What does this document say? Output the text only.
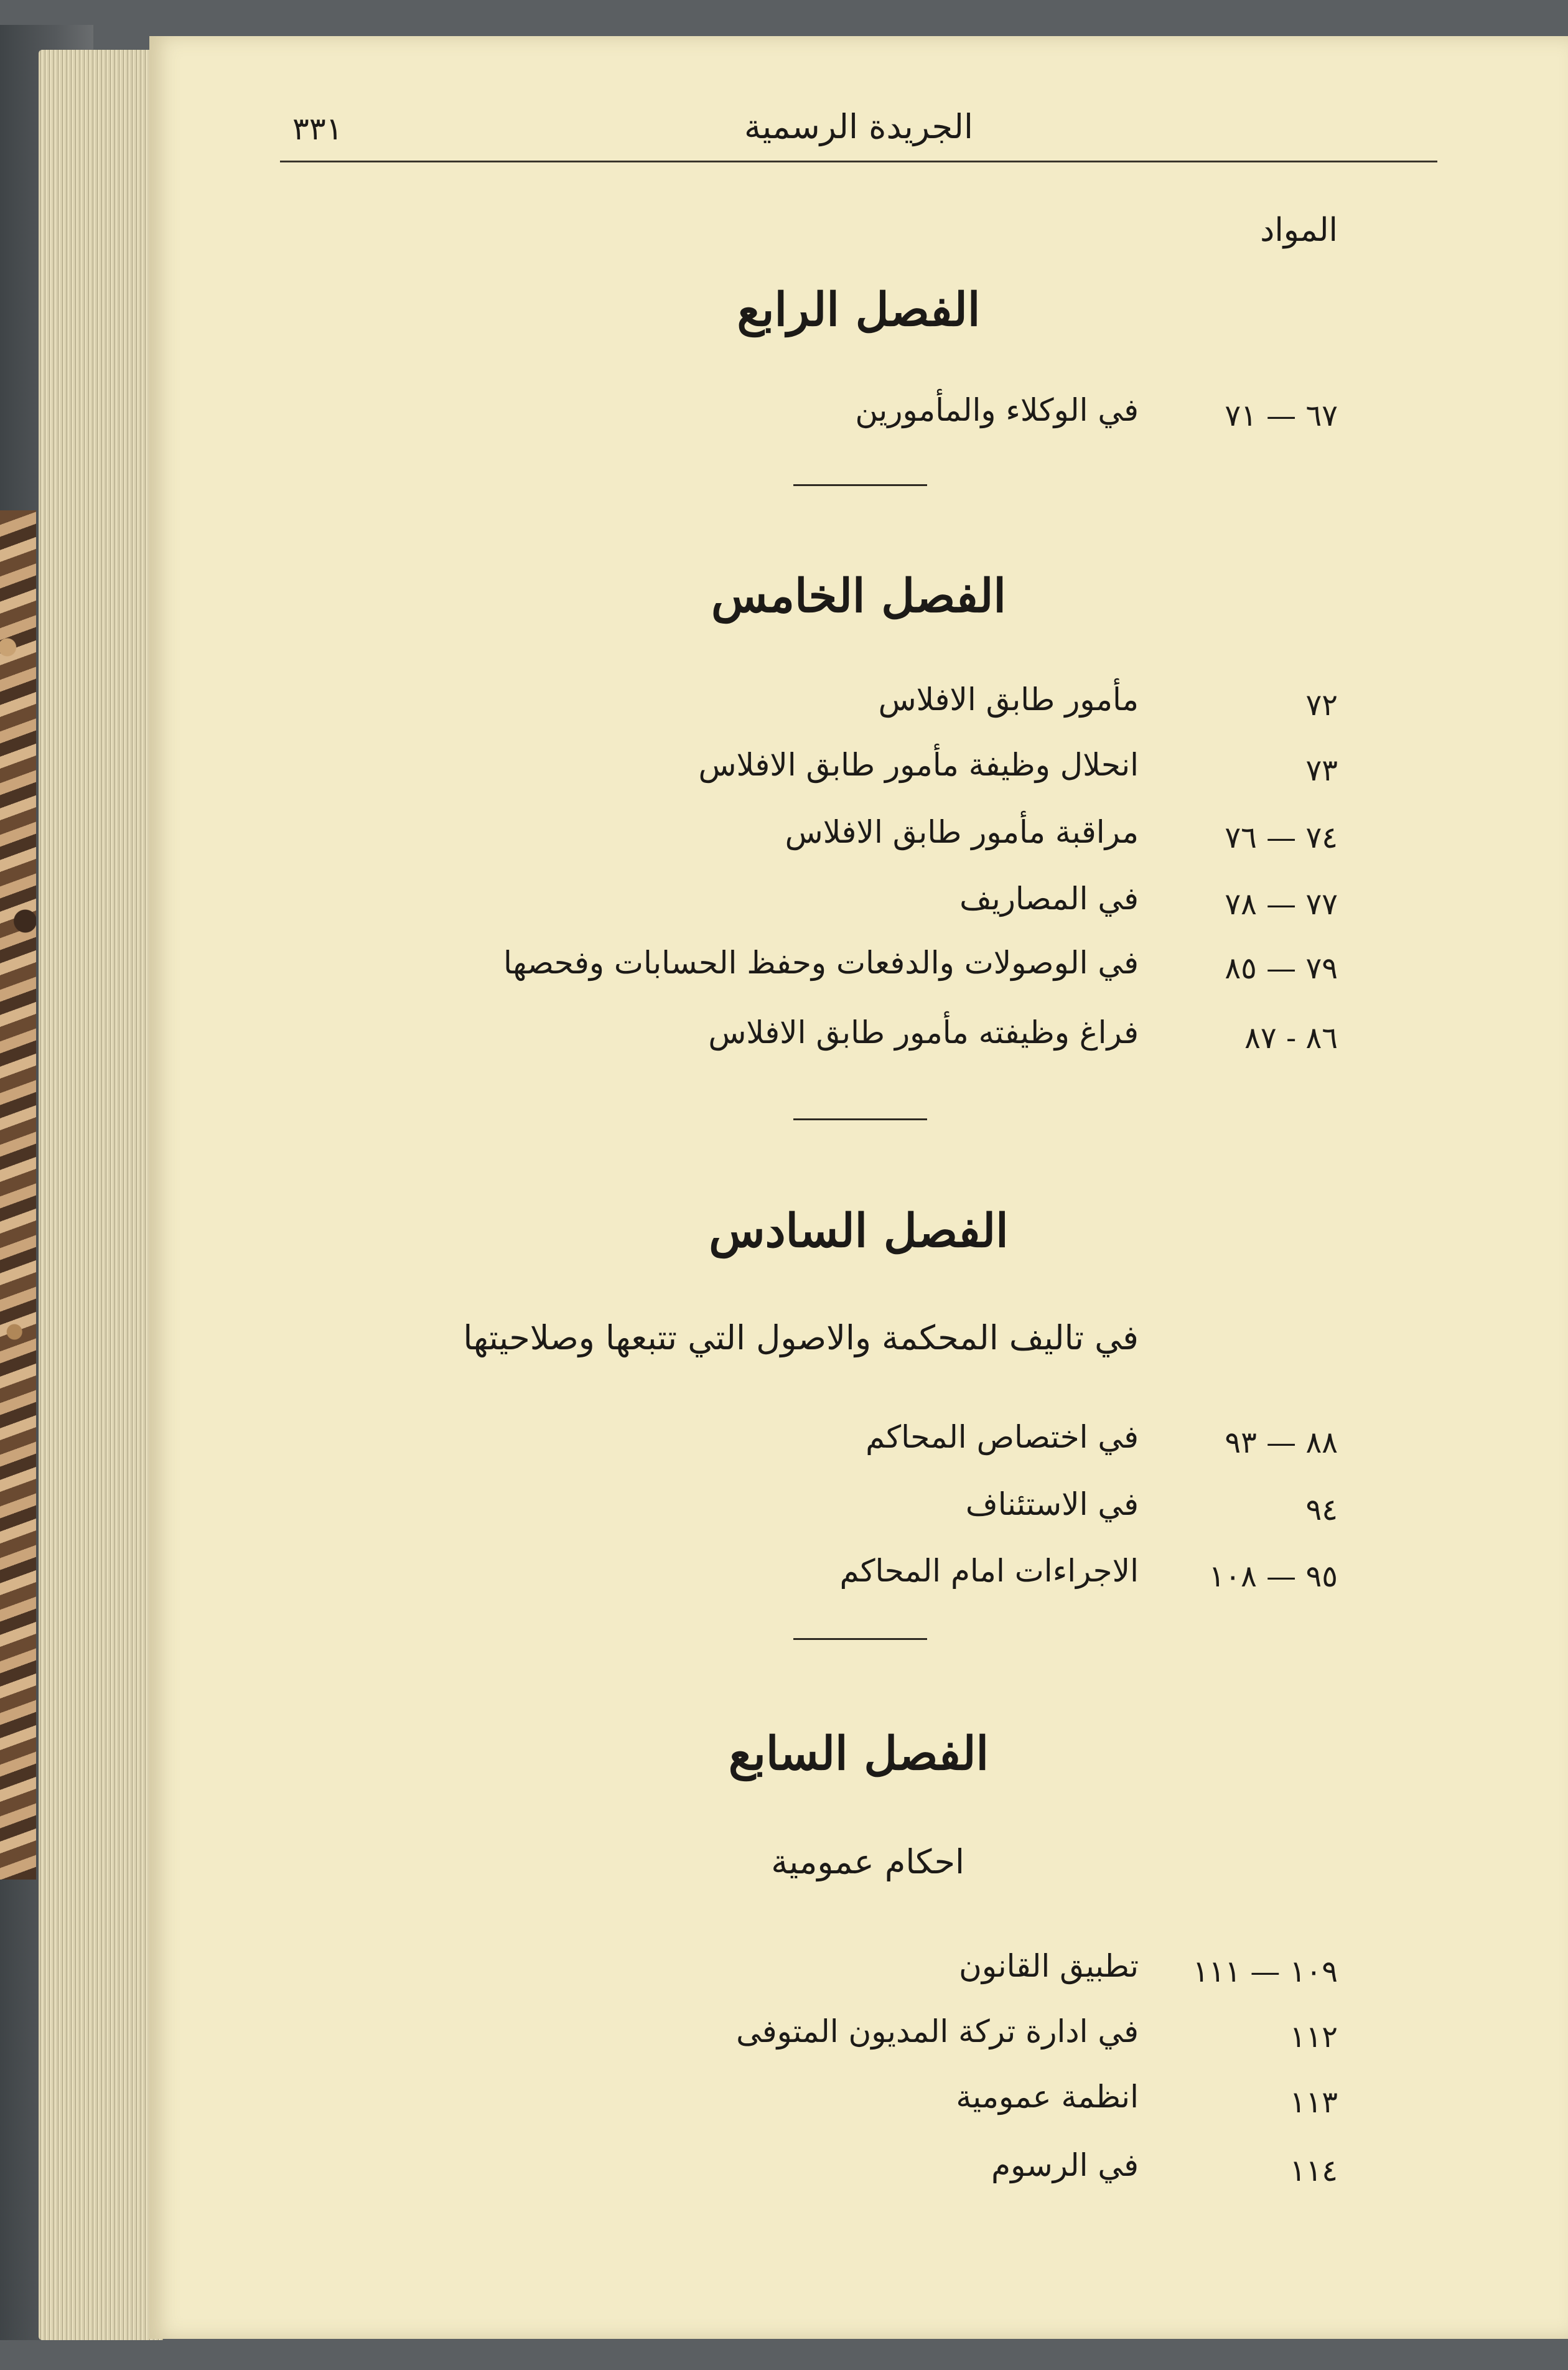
٣٣١	الجريدة الرسمية
المواد
الفصل الرابع
٦٧ — ٧١
في الوكلاء والمأمورين
الفصل الخامس
٧٢
مأمور طابق الافلاس
٧٣
انحلال وظيفة مأمور طابق الافلاس
٧٤ — ٧٦
مراقبة مأمور طابق الافلاس
٧٧ — ٧٨
في المصاريف
٧٩ — ٨٥
في الوصولات والدفعات وحفظ الحسابات وفحصها
٨٦ - ٨٧
فراغ وظيفته مأمور طابق الافلاس
الفصل السادس
في تاليف المحكمة والاصول التي تتبعها وصلاحيتها
٨٨ — ٩٣
في اختصاص المحاكم
٩٤
في الاستئناف
٩٥ — ١٠٨
الاجراءات امام المحاكم
الفصل السابع
احكام عمومية
١٠٩ — ١١١
تطبيق القانون
١١٢
في ادارة تركة المديون المتوفى
١١٣
انظمة عمومية
١١٤
في الرسوم
